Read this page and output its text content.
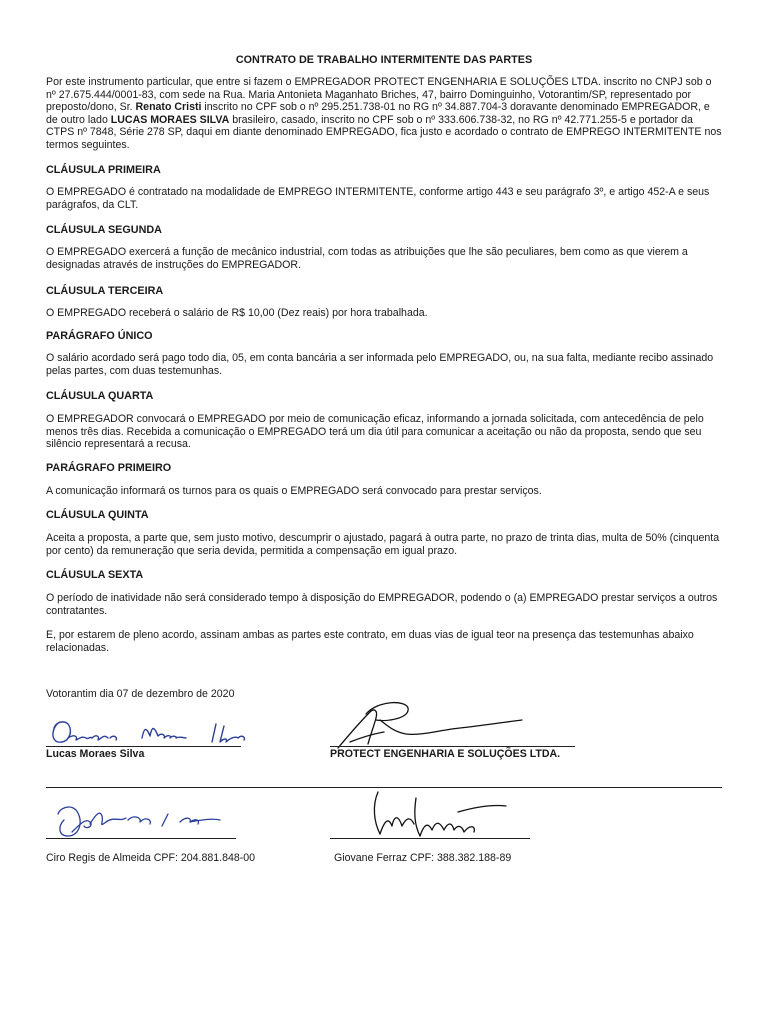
CONTRATO DE TRABALHO INTERMITENTE DAS PARTES

Por este instrumento particular, que entre si fazem o EMPREGADOR PROTECT ENGENHARIA E SOLUÇÕES LTDA. inscrito no CNPJ sob o nº 27.675.444/0001-83, com sede na Rua. Maria Antonieta Maganhato Briches, 47, bairro Dominguinho, Votorantim/SP, representado por preposto/dono, Sr. Renato Cristi inscrito no CPF sob o nº 295.251.738-01 no RG nº 34.887.704-3 doravante denominado EMPREGADOR, e de outro lado LUCAS MORAES SILVA brasileiro, casado, inscrito no CPF sob o nº 333.606.738-32, no RG nº 42.771.255-5 e portador da CTPS nº 7848, Série 278 SP, daqui em diante denominado EMPREGADO, fica justo e acordado o contrato de EMPREGO INTERMITENTE nos termos seguintes.

CLÁUSULA PRIMEIRA

O EMPREGADO é contratado na modalidade de EMPREGO INTERMITENTE, conforme artigo 443 e seu parágrafo 3º, e artigo 452-A e seus parágrafos, da CLT.

CLÁUSULA SEGUNDA

O EMPREGADO exercerá a função de mecânico industrial, com todas as atribuições que lhe são peculiares, bem como as que vierem a designadas através de instruções do EMPREGADOR.

CLÁUSULA TERCEIRA

O EMPREGADO receberá o salário de R$ 10,00 (Dez reais) por hora trabalhada.

PARÁGRAFO ÚNICO

O salário acordado será pago todo dia, 05, em conta bancária a ser informada pelo EMPREGADO, ou, na sua falta, mediante recibo assinado pelas partes, com duas testemunhas.

CLÁUSULA QUARTA

O EMPREGADOR convocará o EMPREGADO por meio de comunicação eficaz, informando a jornada solicitada, com antecedência de pelo menos três dias. Recebida a comunicação o EMPREGADO terá um dia útil para comunicar a aceitação ou não da proposta, sendo que seu silêncio representará a recusa.

PARÁGRAFO PRIMEIRO

A comunicação informará os turnos para os quais o EMPREGADO será convocado para prestar serviços.

CLÁUSULA QUINTA

Aceita a proposta, a parte que, sem justo motivo, descumprir o ajustado, pagará à outra parte, no prazo de trinta dias, multa de 50% (cinquenta por cento) da remuneração que seria devida, permitida a compensação em igual prazo.

CLÁUSULA SEXTA

O período de inatividade não será considerado tempo à disposição do EMPREGADOR, podendo o (a) EMPREGADO prestar serviços a outros contratantes.

E, por estarem de pleno acordo, assinam ambas as partes este contrato, em duas vias de igual teor na presença das testemunhas abaixo relacionadas.

Votorantim dia 07 de dezembro de 2020

Lucas Moraes Silva	PROTECT ENGENHARIA E SOLUÇÕES LTDA.
Ciro Regis de Almeida CPF: 204.881.848-00	Giovane Ferraz CPF: 388.382.188-89
